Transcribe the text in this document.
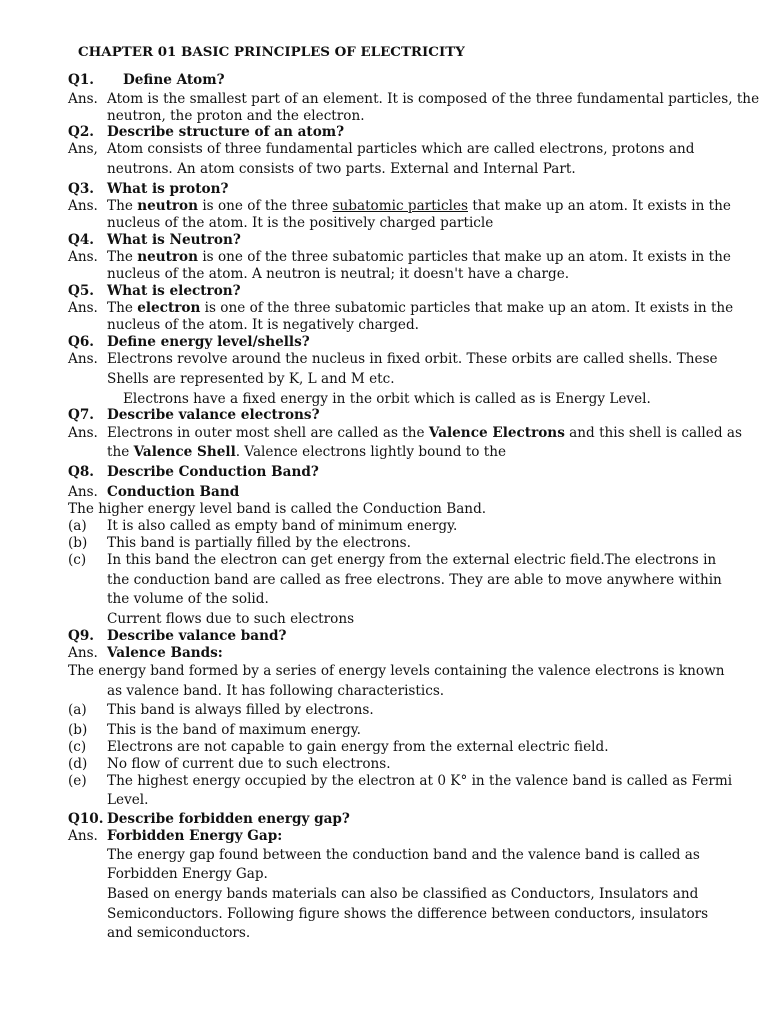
CHAPTER 01 BASIC PRINCIPLES OF ELECTRICITY
Q1. Define Atom?
Ans. Atom is the smallest part of an element. It is composed of the three fundamental particles, the
neutron, the proton and the electron.
Q2. Describe structure of an atom?
Ans, Atom consists of three fundamental particles which are called electrons, protons and
neutrons. An atom consists of two parts. External and Internal Part.
Q3. What is proton?
Ans. The neutron is one of the three subatomic particles that make up an atom. It exists in the
nucleus of the atom. It is the positively charged particle
Q4. What is Neutron?
Ans. The neutron is one of the three subatomic particles that make up an atom. It exists in the
nucleus of the atom. A neutron is neutral; it doesn't have a charge.
Q5. What is electron?
Ans. The electron is one of the three subatomic particles that make up an atom. It exists in the
nucleus of the atom. It is negatively charged.
Q6. Define energy level/shells?
Ans. Electrons revolve around the nucleus in fixed orbit. These orbits are called shells. These
Shells are represented by K, L and M etc.
Electrons have a fixed energy in the orbit which is called as is Energy Level.
Q7. Describe valance electrons?
Ans. Electrons in outer most shell are called as the Valence Electrons and this shell is called as
the Valence Shell. Valence electrons lightly bound to the
Q8. Describe Conduction Band?
Ans. Conduction Band
The higher energy level band is called the Conduction Band.
(a) It is also called as empty band of minimum energy.
(b) This band is partially filled by the electrons.
(c) In this band the electron can get energy from the external electric field.The electrons in
the conduction band are called as free electrons. They are able to move anywhere within
the volume of the solid.
Current flows due to such electrons
Q9. Describe valance band?
Ans. Valence Bands:
The energy band formed by a series of energy levels containing the valence electrons is known
as valence band. It has following characteristics.
(a) This band is always filled by electrons.
(b) This is the band of maximum energy.
(c) Electrons are not capable to gain energy from the external electric field.
(d) No flow of current due to such electrons.
(e) The highest energy occupied by the electron at 0 K° in the valence band is called as Fermi
Level.
Q10. Describe forbidden energy gap?
Ans. Forbidden Energy Gap:
The energy gap found between the conduction band and the valence band is called as
Forbidden Energy Gap.
Based on energy bands materials can also be classified as Conductors, Insulators and
Semiconductors. Following figure shows the difference between conductors, insulators
and semiconductors.
